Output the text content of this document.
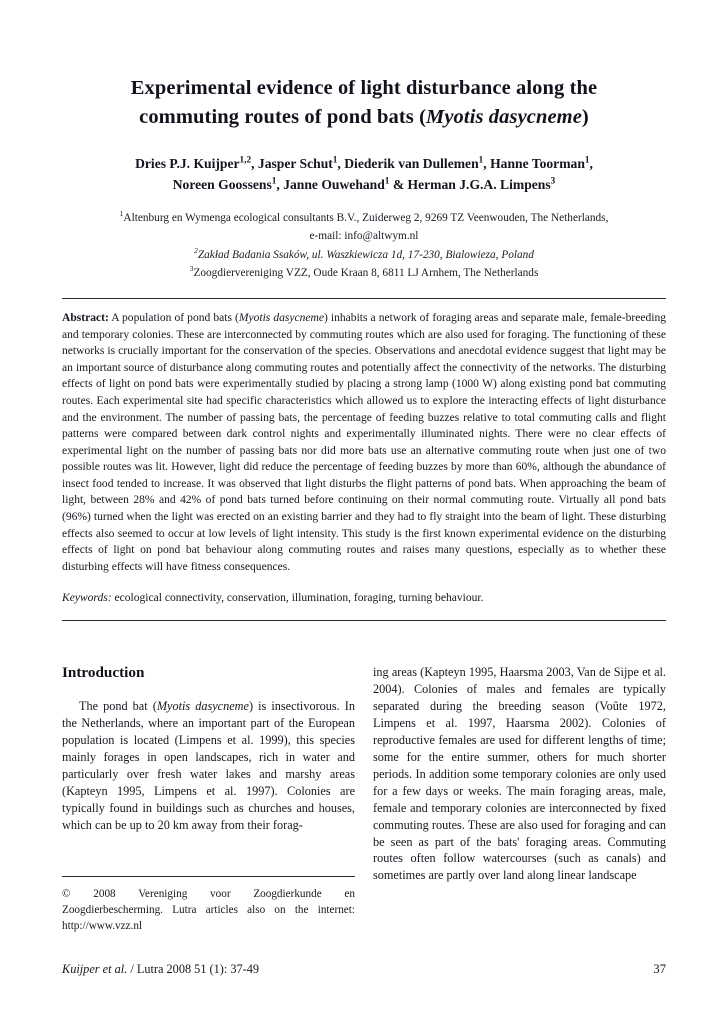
Experimental evidence of light disturbance along the
commuting routes of pond bats (Myotis dasycneme)
Dries P.J. Kuijper$^{1,2}$, Jasper Schut$^1$, Diederik van Dullemen$^1$, Hanne Toorman$^1$,
Noreen Goossens$^1$, Janne Ouwehand$^1$ & Herman J.G.A. Limpens$^3$
$^1$Altenburg en Wymenga ecological consultants B.V., Zuiderweg 2, 9269 TZ Veenwouden, The Netherlands,
e-mail: info@altwym.nl
$^2$Zakład Badania Ssaków, ul. Waszkiewicza 1d, 17-230, Bialowieza, Poland
$^3$Zoogdiervereniging VZZ, Oude Kraan 8, 6811 LJ Arnhem, The Netherlands

Abstract: A population of pond bats (Myotis dasycneme) inhabits a network of foraging areas and separate male, female-breeding and temporary colonies. These are interconnected by commuting routes which are also used for foraging. The functioning of these networks is crucially important for the conservation of the species. Observations and anecdotal evidence suggest that light may be an important source of disturbance along commuting routes and potentially affect the connectivity of the networks. The disturbing effects of light on pond bats were experimentally studied by placing a strong lamp (1000 W) along existing pond bat commuting routes. Each experimental site had specific characteristics which allowed us to explore the interacting effects of light disturbance and the environment. The number of passing bats, the percentage of feeding buzzes relative to total commuting calls and flight patterns were compared between dark control nights and experimentally illuminated nights. There were no clear effects of experimental light on the number of passing bats nor did more bats use an alternative commuting route when just one of two possible routes was lit. However, light did reduce the percentage of feeding buzzes by more than 60%, although the abundance of insect food tended to increase. It was observed that light disturbs the flight patterns of pond bats. When approaching the beam of light, between 28% and 42% of pond bats turned before continuing on their normal commuting route. Virtually all pond bats (96%) turned when the light was erected on an existing barrier and they had to fly straight into the beam of light. These disturbing effects also seemed to occur at low levels of light intensity. This study is the first known experimental evidence on the disturbing effects of light on pond bat behaviour along commuting routes and raises many questions, especially as to whether these disturbing effects will have fitness consequences.

Keywords: ecological connectivity, conservation, illumination, foraging, turning behaviour.

Introduction

The pond bat (Myotis dasycneme) is insectivorous. In the Netherlands, where an important part of the European population is located (Limpens et al. 1999), this species mainly forages in open landscapes, rich in water and particularly over fresh water lakes and marshy areas (Kapteyn 1995, Limpens et al. 1997). Colonies are typically found in buildings such as churches and houses, which can be up to 20 km away from their forag-

ing areas (Kapteyn 1995, Haarsma 2003, Van de Sijpe et al. 2004). Colonies of males and females are typically separated during the breeding season (Voûte 1972, Limpens et al. 1997, Haarsma 2002). Colonies of reproductive females are used for different lengths of time; some for the entire summer, others for much shorter periods. In addition some temporary colonies are only used for a few days or weeks. The main foraging areas, male, female and temporary colonies are interconnected by fixed commuting routes. These are also used for foraging and can be seen as part of the bats' foraging areas. Commuting routes often follow watercourses (such as canals) and sometimes are partly over land along linear landscape

© 2008 Vereniging voor Zoogdierkunde en Zoogdierbescherming. Lutra articles also on the internet: http://www.vzz.nl

Kuijper et al. / Lutra 2008 51 (1): 37-49	37
